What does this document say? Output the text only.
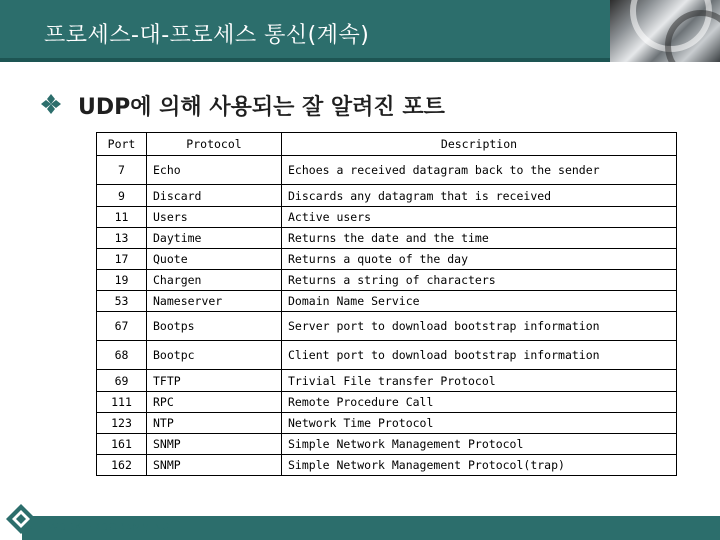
프로세스-대-프로세스 통신(계속)
UDP에 의해 사용되는 잘 알려진 포트
Port	Protocol	Description
7	Echo	Echoes a received datagram back to the sender
9	Discard	Discards any datagram that is received
11	Users	Active users
13	Daytime	Returns the date and the time
17	Quote	Returns a quote of the day
19	Chargen	Returns a string of characters
53	Nameserver	Domain Name Service
67	Bootps	Server port to download bootstrap information
68	Bootpc	Client port to download bootstrap information
69	TFTP	Trivial File transfer Protocol
111	RPC	Remote Procedure Call
123	NTP	Network Time Protocol
161	SNMP	Simple Network Management Protocol
162	SNMP	Simple Network Management Protocol(trap)
NETWORK PROGRAMMING
